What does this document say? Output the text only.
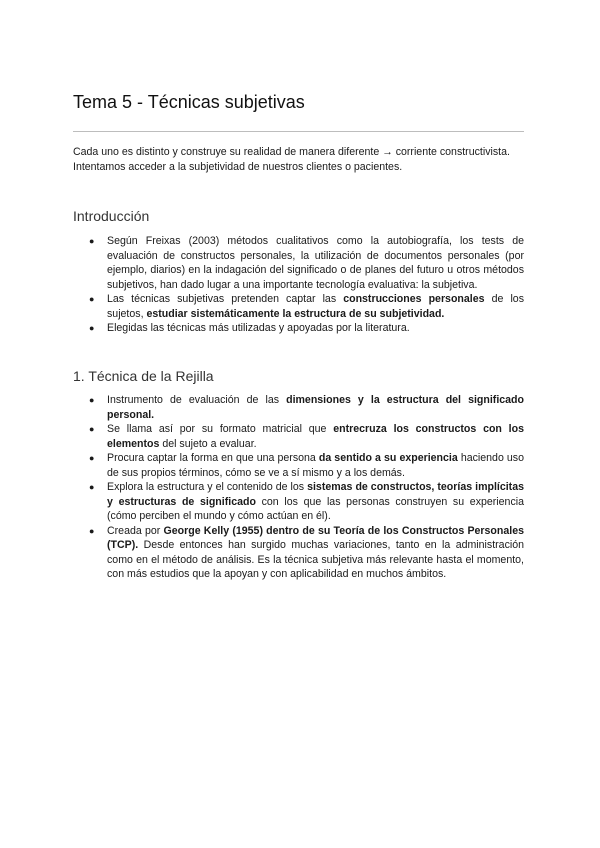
Tema 5 - Técnicas subjetivas

Cada uno es distinto y construye su realidad de manera diferente → corriente constructivista.

Intentamos acceder a la subjetividad de nuestros clientes o pacientes.

Introducción
● Según Freixas (2003) métodos cualitativos como la autobiografía, los tests de evaluación de constructos personales, la utilización de documentos personales (por ejemplo, diarios) en la indagación del significado o de planes del futuro u otros métodos subjetivos, han dado lugar a una importante tecnología evaluativa: la subjetiva.
● Las técnicas subjetivas pretenden captar las construcciones personales de los sujetos, estudiar sistemáticamente la estructura de su subjetividad.
● Elegidas las técnicas más utilizadas y apoyadas por la literatura.
1. Técnica de la Rejilla
● Instrumento de evaluación de las dimensiones y la estructura del significado personal.
● Se llama así por su formato matricial que entrecruza los constructos con los elementos del sujeto a evaluar.
● Procura captar la forma en que una persona da sentido a su experiencia haciendo uso de sus propios términos, cómo se ve a sí mismo y a los demás.
● Explora la estructura y el contenido de los sistemas de constructos, teorías implícitas y estructuras de significado con los que las personas construyen su experiencia (cómo perciben el mundo y cómo actúan en él).
● Creada por George Kelly (1955) dentro de su Teoría de los Constructos Personales (TCP). Desde entonces han surgido muchas variaciones, tanto en la administración como en el método de análisis. Es la técnica subjetiva más relevante hasta el momento, con más estudios que la apoyan y con aplicabilidad en muchos ámbitos.
